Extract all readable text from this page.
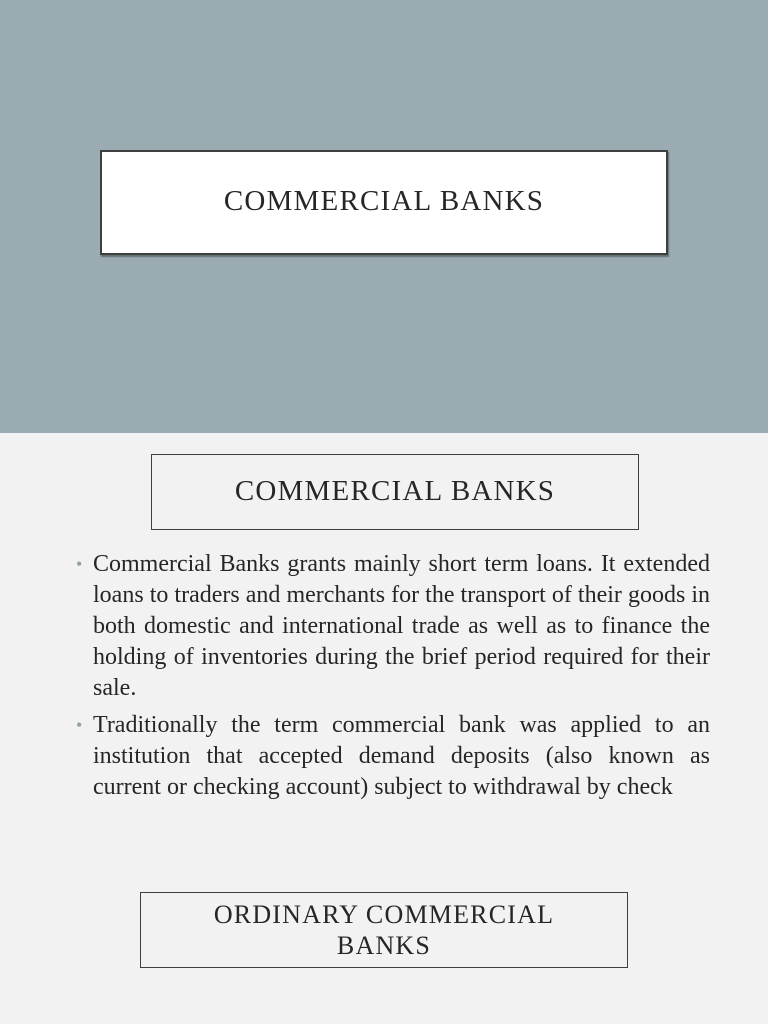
COMMERCIAL BANKS
COMMERCIAL BANKS
• Commercial Banks grants mainly short term loans. It extended loans to traders and merchants for the transport of their goods in both domestic and international trade as well as to finance the holding of inventories during the brief period required for their sale.
• Traditionally the term commercial bank was applied to an institution that accepted demand deposits (also known as current or checking account) subject to withdrawal by check
ORDINARY COMMERCIAL BANKS
